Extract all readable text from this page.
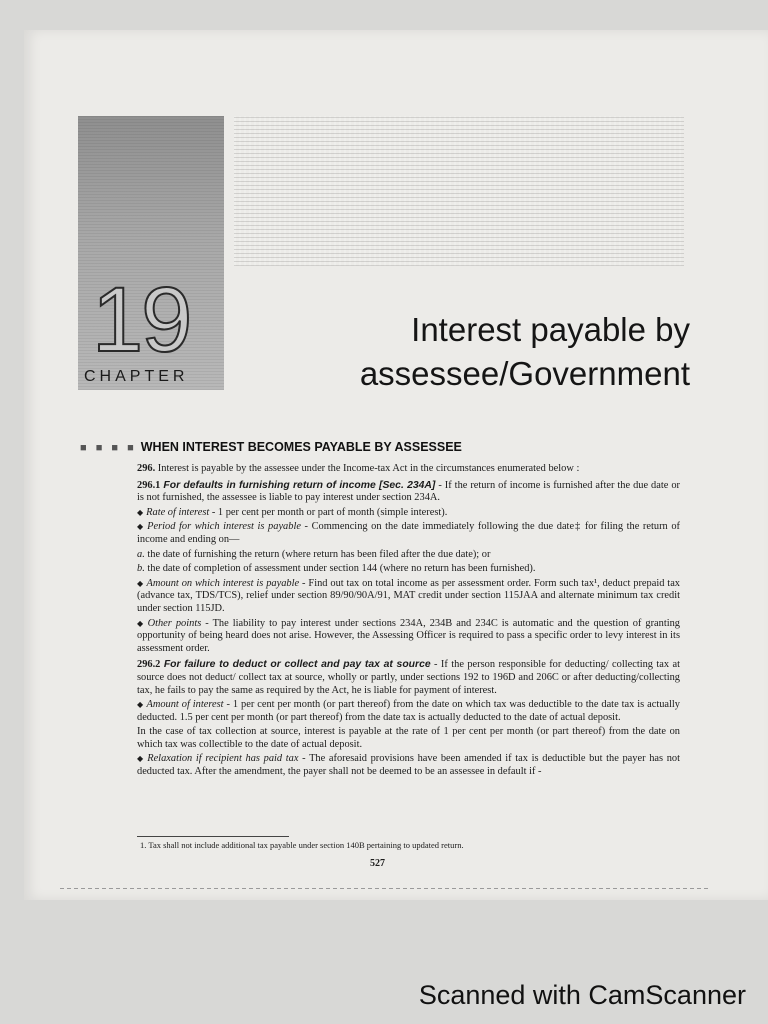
19
CHAPTER
Interest payable by
assessee/Government
■ ■ ■ ■ WHEN INTEREST BECOMES PAYABLE BY ASSESSEE

296. Interest is payable by the assessee under the Income-tax Act in the circumstances enumerated below :

296.1 For defaults in furnishing return of income [Sec. 234A] - If the return of income is furnished after the due date or is not furnished, the assessee is liable to pay interest under section 234A.

◆ Rate of interest - 1 per cent per month or part of month (simple interest).

◆ Period for which interest is payable - Commencing on the date immediately following the due date‡ for filing the return of income and ending on—

a. the date of furnishing the return (where return has been filed after the due date); or

b. the date of completion of assessment under section 144 (where no return has been furnished).

◆ Amount on which interest is payable - Find out tax on total income as per assessment order. Form such tax¹, deduct prepaid tax (advance tax, TDS/TCS), relief under section 89/90/90A/91, MAT credit under section 115JAA and alternate minimum tax credit under section 115JD.

◆ Other points - The liability to pay interest under sections 234A, 234B and 234C is automatic and the question of granting opportunity of being heard does not arise. However, the Assessing Officer is required to pass a specific order to levy interest in its assessment order.

296.2 For failure to deduct or collect and pay tax at source - If the person responsible for deducting/ collecting tax at source does not deduct/ collect tax at source, wholly or partly, under sections 192 to 196D and 206C or after deducting/collecting tax, he fails to pay the same as required by the Act, he is liable for payment of interest.

◆ Amount of interest - 1 per cent per month (or part thereof) from the date on which tax was deductible to the date tax is actually deducted. 1.5 per cent per month (or part thereof) from the date tax is actually deducted to the date of actual deposit.

In the case of tax collection at source, interest is payable at the rate of 1 per cent per month (or part thereof) from the date on which tax was collectible to the date of actual deposit.

◆ Relaxation if recipient has paid tax - The aforesaid provisions have been amended if tax is deductible but the payer has not deducted tax. After the amendment, the payer shall not be deemed to be an assessee in default if -

1. Tax shall not include additional tax payable under section 140B pertaining to updated return.
527
Scanned with CamScanner
